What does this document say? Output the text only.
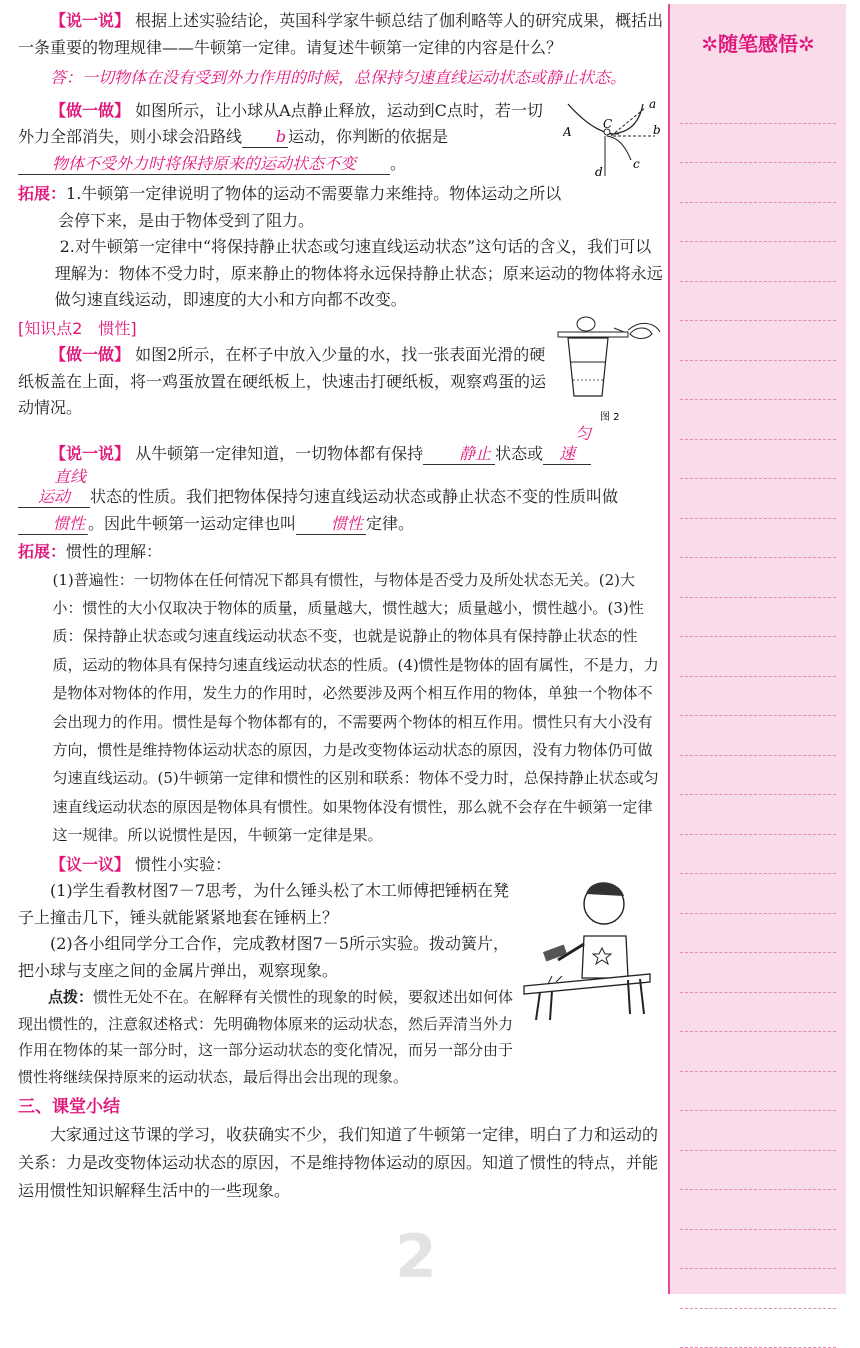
✲随笔感悟✲
2

【说一说】 根据上述实验结论，英国科学家牛顿总结了伽利略等人的研究成果，概括出一条重要的物理规律——牛顿第一定律。请复述牛顿第一定律的内容是什么？

答：一切物体在没有受到外力作用的时候，总保持匀速直线运动状态或静止状态。

【做一做】 如图所示，让小球从A点静止释放，运动到C点时，若一切外力全部消失，则小球会沿路线 b 运动，你判断的依据是

物体不受外力时将保持原来的运动状态不变 。

A
C
a
b
c
d

拓展：1.牛顿第一定律说明了物体的运动不需要靠力来维持。物体运动之所以会停下来，是由于物体受到了阻力。

2.对牛顿第一定律中“将保持静止状态或匀速直线运动状态”这句话的含义，我们可以理解为：物体不受力时，原来静止的物体将永远保持静止状态；原来运动的物体将永远做匀速直线运动，即速度的大小和方向都不改变。

[知识点2　惯性]

【做一做】 如图2所示，在杯子中放入少量的水，找一张表面光滑的硬纸板盖在上面，将一鸡蛋放置在硬纸板上，快速击打硬纸板，观察鸡蛋的运动情况。	图 2

【说一说】 从牛顿第一定律知道，一切物体都有保持 静止 状态或匀速 直线运动 状态的性质。我们把物体保持匀速直线运动状态或静止状态不变的性质叫做惯性 。因此牛顿第一运动定律也叫 惯性 定律。

拓展：惯性的理解：

(1)普遍性：一切物体在任何情况下都具有惯性，与物体是否受力及所处状态无关。(2)大小：惯性的大小仅取决于物体的质量，质量越大，惯性越大；质量越小，惯性越小。(3)性质：保持静止状态或匀速直线运动状态不变，也就是说静止的物体具有保持静止状态的性质，运动的物体具有保持匀速直线运动状态的性质。(4)惯性是物体的固有属性，不是力，力是物体对物体的作用，发生力的作用时，必然要涉及两个相互作用的物体，单独一个物体不会出现力的作用。惯性是每个物体都有的，不需要两个物体的相互作用。惯性只有大小没有方向，惯性是维持物体运动状态的原因，力是改变物体运动状态的原因，没有力物体仍可做匀速直线运动。(5)牛顿第一定律和惯性的区别和联系：物体不受力时，总保持静止状态或匀速直线运动状态的原因是物体具有惯性。如果物体没有惯性，那么就不会存在牛顿第一定律这一规律。所以说惯性是因，牛顿第一定律是果。

【议一议】 惯性小实验：

(1)学生看教材图7－7思考，为什么锤头松了木工师傅把锤柄在凳子上撞击几下，锤头就能紧紧地套在锤柄上？

(2)各小组同学分工合作，完成教材图7－5所示实验。拨动簧片，把小球与支座之间的金属片弹出，观察现象。

点拨：惯性无处不在。在解释有关惯性的现象的时候，要叙述出如何体现出惯性的，注意叙述格式：先明确物体原来的运动状态，然后弄清当外力作用在物体的某一部分时，这一部分运动状态的变化情况，而另一部分由于惯性将继续保持原来的运动状态，最后得出会出现的现象。

三、课堂小结

大家通过这节课的学习，收获确实不少，我们知道了牛顿第一定律，明白了力和运动的关系：力是改变物体运动状态的原因，不是维持物体运动的原因。知道了惯性的特点，并能运用惯性知识解释生活中的一些现象。
